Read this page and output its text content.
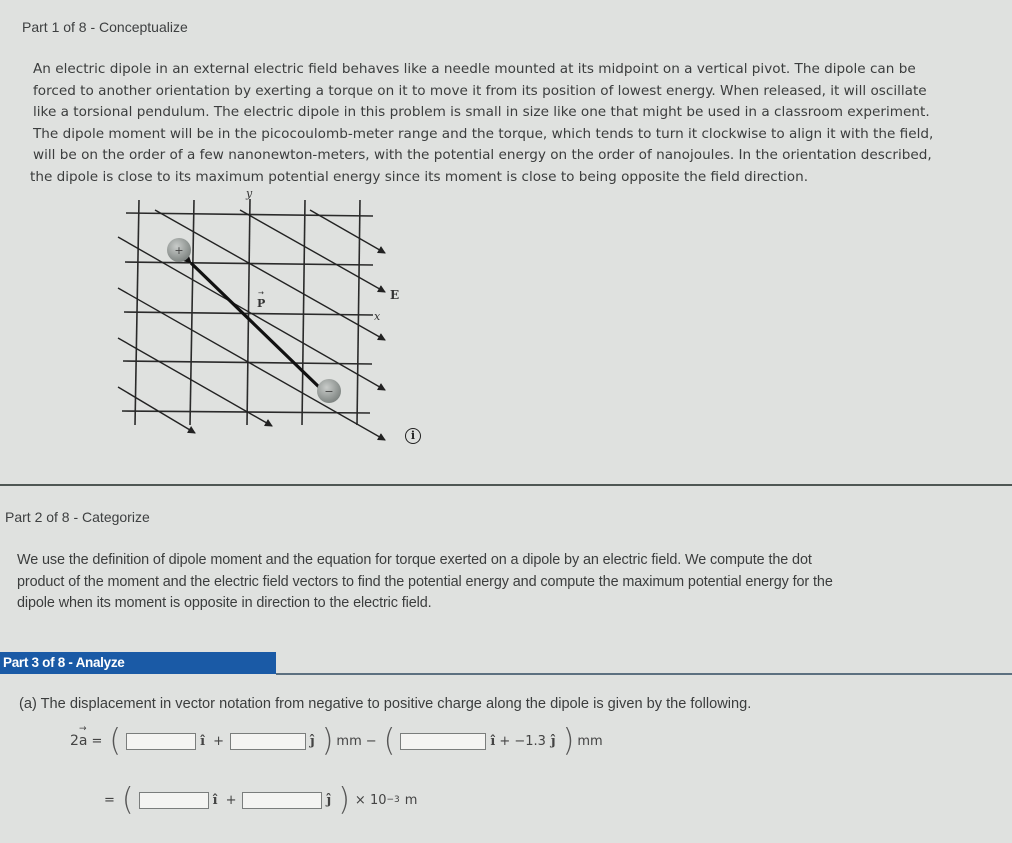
Part 1 of 8 - Conceptualize
An electric dipole in an external electric field behaves like a needle mounted at its midpoint on a vertical pivot. The dipole can be
forced to another orientation by exerting a torque on it to move it from its position of lowest energy. When released, it will oscillate
like a torsional pendulum. The electric dipole in this problem is small in size like one that might be used in a classroom experiment.
The dipole moment will be in the picocoulomb-meter range and the torque, which tends to turn it clockwise to align it with the field,
will be on the order of a few nanonewton-meters, with the potential energy on the order of nanojoules. In the orientation described,
the dipole is close to its maximum potential energy since its moment is close to being opposite the field direction.
+
−
y
x
E
P
→
i
Part 2 of 8 - Categorize
We use the definition of dipole moment and the equation for torque exerted on a dipole by an electric field. We compute the dot
product of the moment and the electric field vectors to find the potential energy and compute the maximum potential energy for the
dipole when its moment is opposite in direction to the electric field.
Part 3 of 8 - Analyze
(a) The displacement in vector notation from negative to positive charge along the dipole is given by the following.
2a
→
= (	î +	ĵ ) mm − (	î + −1.3 ĵ ) mm
= (	î +	ĵ ) × 10 −3 m
